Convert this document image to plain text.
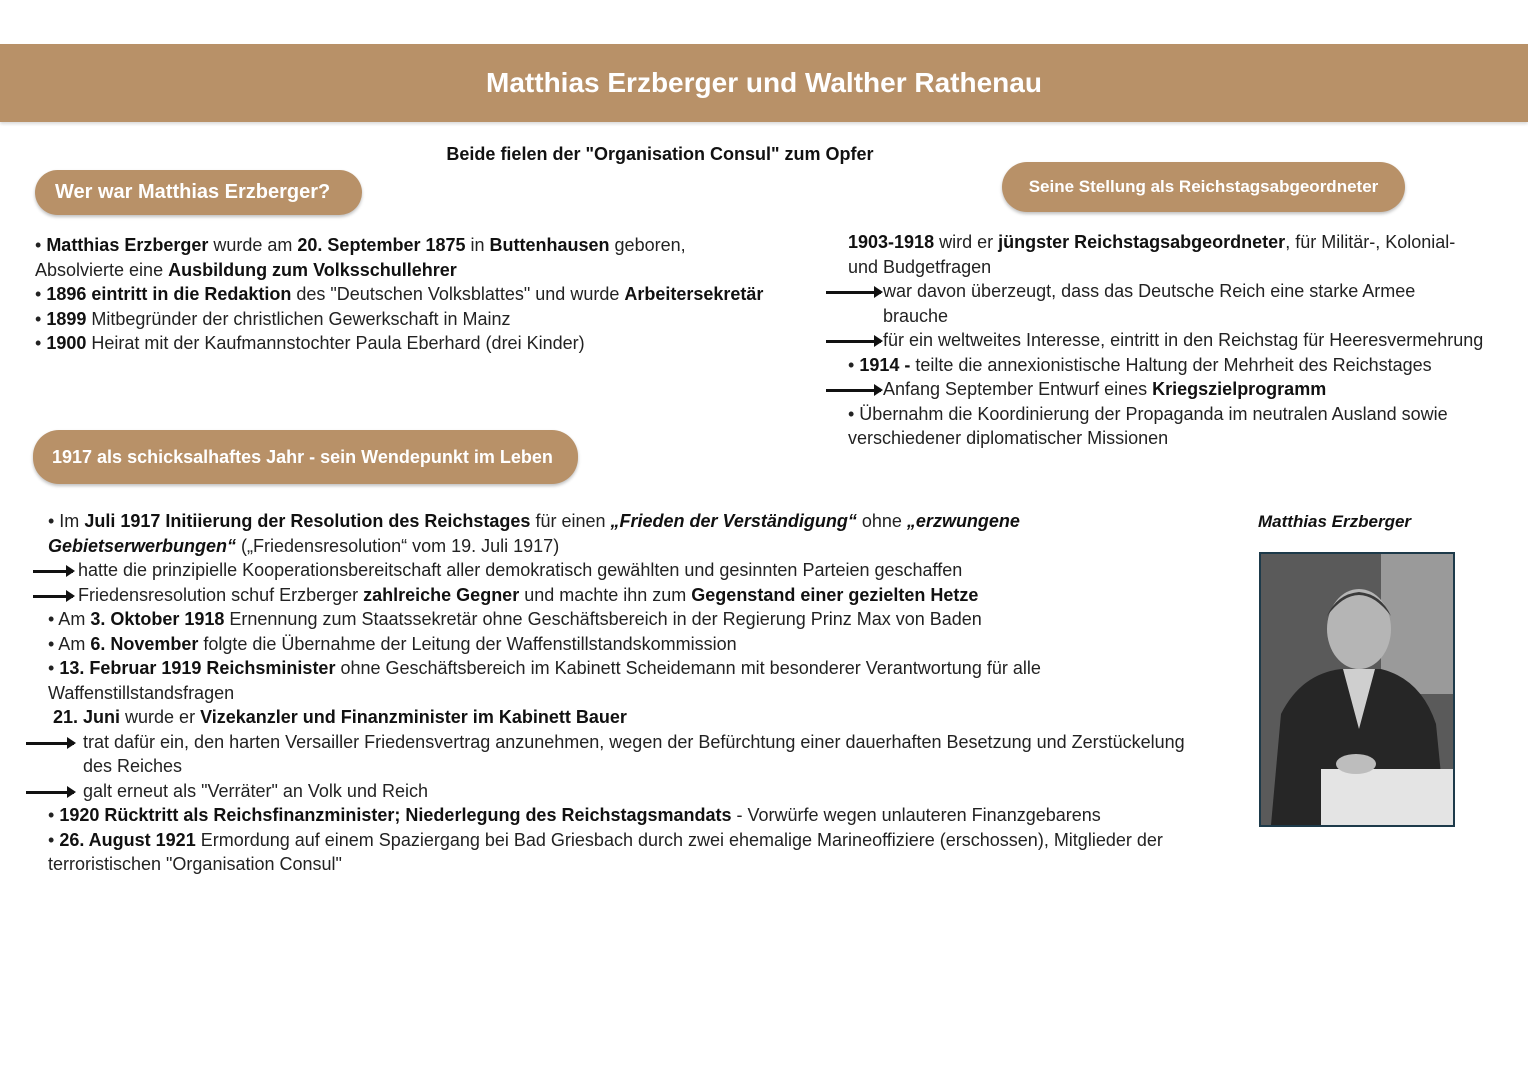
Matthias Erzberger und Walther Rathenau
Beide fielen der "Organisation Consul" zum Opfer
Wer war Matthias Erzberger?	Seine Stellung als Reichstagsabgeordneter
1917 als schicksalhaftes Jahr - sein Wendepunkt im Leben
• Matthias Erzberger wurde am 20. September 1875 in Buttenhausen geboren,
Absolvierte eine Ausbildung zum Volksschullehrer
• 1896 eintritt in die Redaktion des "Deutschen Volksblattes" und wurde Arbeitersekretär
• 1899 Mitbegründer der christlichen Gewerkschaft in Mainz
• 1900 Heirat mit der Kaufmannstochter Paula Eberhard (drei Kinder)
1903-1918 wird er jüngster Reichstagsabgeordneter, für Militär-, Kolonial-
und Budgetfragen
war davon überzeugt, dass das Deutsche Reich eine starke Armee
brauche
für ein weltweites Interesse, eintritt in den Reichstag für Heeresvermehrung
• 1914 - teilte die annexionistische Haltung der Mehrheit des Reichstages
Anfang September Entwurf eines Kriegszielprogramm
• Übernahm die Koordinierung der Propaganda im neutralen Ausland sowie
verschiedener diplomatischer Missionen
• Im Juli 1917 Initiierung der Resolution des Reichstages für einen „Frieden der Verständigung“ ohne „erzwungene
Gebietserwerbungen“ („Friedensresolution“ vom 19. Juli 1917)
hatte die prinzipielle Kooperationsbereitschaft aller demokratisch gewählten und gesinnten Parteien geschaffen
Friedensresolution schuf Erzberger zahlreiche Gegner und machte ihn zum Gegenstand einer gezielten Hetze
• Am 3. Oktober 1918 Ernennung zum Staatssekretär ohne Geschäftsbereich in der Regierung Prinz Max von Baden
• Am 6. November folgte die Übernahme der Leitung der Waffenstillstandskommission
• 13. Februar 1919 Reichsminister ohne Geschäftsbereich im Kabinett Scheidemann mit besonderer Verantwortung für alle
Waffenstillstandsfragen
21. Juni wurde er Vizekanzler und Finanzminister im Kabinett Bauer
trat dafür ein, den harten Versailler Friedensvertrag anzunehmen, wegen der Befürchtung einer dauerhaften Besetzung und Zerstückelung
des Reiches
galt erneut als "Verräter" an Volk und Reich
• 1920 Rücktritt als Reichsfinanzminister; Niederlegung des Reichstagsmandats - Vorwürfe wegen unlauteren Finanzgebarens
• 26. August 1921 Ermordung auf einem Spaziergang bei Bad Griesbach durch zwei ehemalige Marineoffiziere (erschossen), Mitglieder der
terroristischen "Organisation Consul"
Matthias Erzberger
